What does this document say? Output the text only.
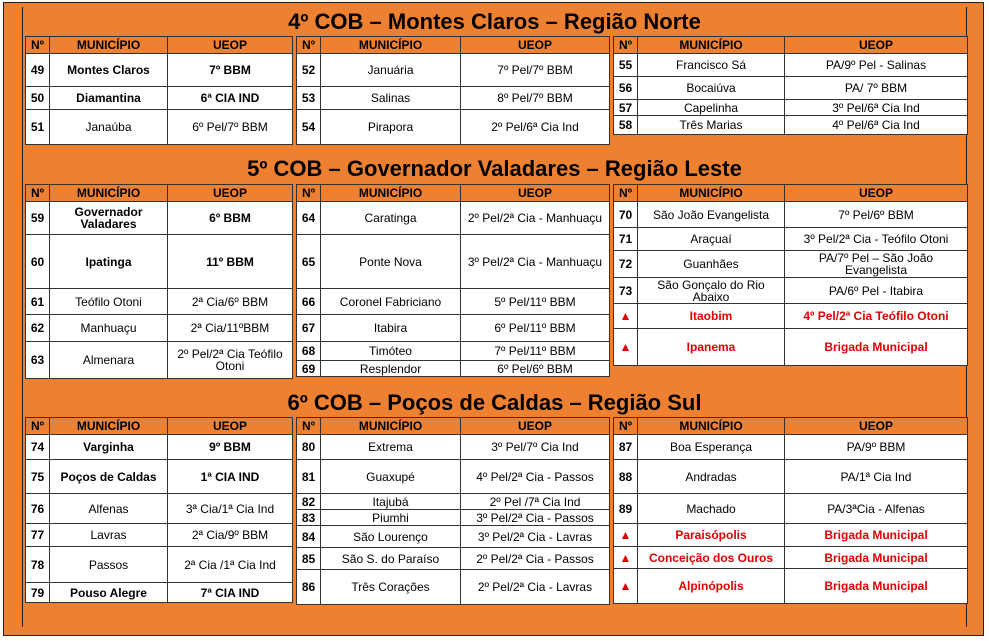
4º COB – Montes Claros – Região Norte
Nº	MUNICÍPIO	UEOP
49	Montes Claros	7º BBM
50	Diamantina	6ª CIA IND
51	Janaúba	6º Pel/7º BBM
Nº	MUNICÍPIO	UEOP
52	Januária	7º Pel/7º BBM
53	Salinas	8º Pel/7º BBM
54	Pirapora	2º Pel/6ª Cia Ind
Nº	MUNICÍPIO	UEOP
55	Francisco Sá	PA/9º Pel - Salinas
56	Bocaiúva	PA/ 7º BBM
57	Capelinha	3º Pel/6ª Cia Ind
58	Três Marias	4º Pel/6ª Cia Ind
5º COB – Governador Valadares – Região Leste
Nº	MUNICÍPIO	UEOP
59	Governador Valadares	6º BBM
60	Ipatinga	11º BBM
61	Teófilo Otoni	2ª Cia/6º BBM
62	Manhuaçu	2ª Cia/11ºBBM
63	Almenara	2º Pel/2ª Cia Teófilo Otoni
Nº	MUNICÍPIO	UEOP
64	Caratinga	2º Pel/2ª Cia - Manhuaçu
65	Ponte Nova	3º Pel/2ª Cia - Manhuaçu
66	Coronel Fabriciano	5º Pel/11º BBM
67	Itabira	6º Pel/11º BBM
68	Timóteo	7º Pel/11º BBM
69	Resplendor	6º Pel/6º BBM
Nº	MUNICÍPIO	UEOP
70	São João Evangelista	7º Pel/6º BBM
71	Araçuaí	3º Pel/2ª Cia - Teófilo Otoni
72	Guanhães	PA/7º Pel – São João Evangelista
73	São Gonçalo do Rio Abaixo	PA/6º Pel - Itabira
▲	Itaobim	4º Pel/2ª Cia Teófilo Otoni
▲	Ipanema	Brigada Municipal
6º COB – Poços de Caldas – Região Sul
Nº	MUNICÍPIO	UEOP
74	Varginha	9º BBM
75	Poços de Caldas	1ª CIA IND
76	Alfenas	3ª Cia/1ª Cia Ind
77	Lavras	2ª Cia/9º BBM
78	Passos	2ª Cia /1ª Cia Ind
79	Pouso Alegre	7ª CIA IND
Nº	MUNICÍPIO	UEOP
80	Extrema	3º Pel/7º Cia Ind
81	Guaxupé	4º Pel/2ª Cia - Passos
82	Itajubá	2º Pel /7ª Cia Ind
83	Piumhi	3º Pel/2ª Cia - Passos
84	São Lourenço	3º Pel/2ª Cia - Lavras
85	São S. do Paraíso	2º Pel/2ª Cia - Passos
86	Três Corações	2º Pel/2ª Cia - Lavras
Nº	MUNICÍPIO	UEOP
87	Boa Esperança	PA/9º BBM
88	Andradas	PA/1ª Cia Ind
89	Machado	PA/3ªCia - Alfenas
▲	Paraisópolis	Brigada Municipal
▲	Conceição dos Ouros	Brigada Municipal
▲	Alpinópolis	Brigada Municipal
